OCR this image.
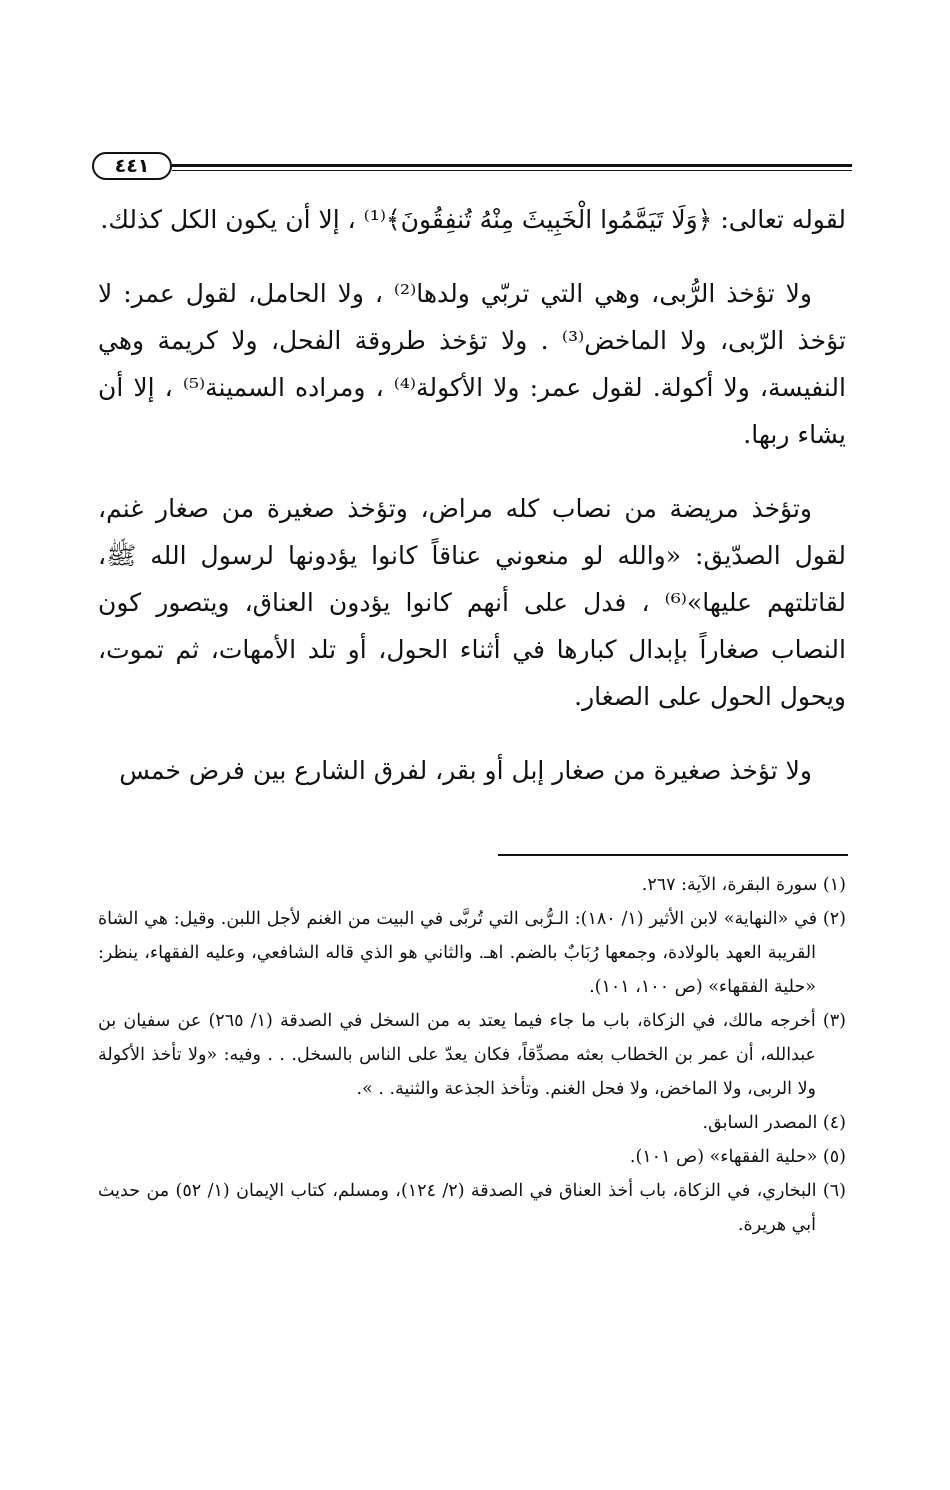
٤٤١

لقوله تعالى: ﴿وَلَا تَيَمَّمُوا الْخَبِيثَ مِنْهُ تُنفِقُونَ﴾⁽¹⁾ ، إلا أن يكون الكل كذلك.

ولا تؤخذ الرُّبى، وهي التي تربّي ولدها⁽²⁾ ، ولا الحامل، لقول عمر: لا تؤخذ الرّبى، ولا الماخض⁽³⁾ . ولا تؤخذ طروقة الفحل، ولا كريمة وهي النفيسة، ولا أكولة. لقول عمر: ولا الأكولة⁽⁴⁾ ، ومراده السمينة⁽⁵⁾ ، إلا أن يشاء ربها.

وتؤخذ مريضة من نصاب كله مراض، وتؤخذ صغيرة من صغار غنم، لقول الصدّيق: «والله لو منعوني عناقاً كانوا يؤدونها لرسول الله ﷺ، لقاتلتهم عليها»⁽⁶⁾ ، فدل على أنهم كانوا يؤدون العناق، ويتصور كون النصاب صغاراً بإبدال كبارها في أثناء الحول، أو تلد الأمهات، ثم تموت، ويحول الحول على الصغار.

ولا تؤخذ صغيرة من صغار إبل أو بقر، لفرق الشارع بين فرض خمس

(١) سورة البقرة، الآية: ٢٦٧.

(٢) في «النهاية» لابن الأثير (١/ ١٨٠): الـرُّبى التي تُربَّى في البيت من الغنم لأجل اللبن. وقيل: هي الشاة القريبة العهد بالولادة، وجمعها رُبَابٌ بالضم. اهـ. والثاني هو الذي قاله الشافعي، وعليه الفقهاء، ينظر: «حلية الفقهاء» (ص ١٠٠، ١٠١).

(٣) أخرجه مالك، في الزكاة، باب ما جاء فيما يعتد به من السخل في الصدقة (١/ ٢٦٥) عن سفيان بن عبدالله، أن عمر بن الخطاب بعثه مصدِّقاً، فكان يعدّ على الناس بالسخل. . . وفيه: «ولا تأخذ الأكولة ولا الربى، ولا الماخض، ولا فحل الغنم. وتأخذ الجذعة والثنية. . »⁠.

(٤) المصدر السابق.

(٥) «حلية الفقهاء» (ص ١٠١).

(٦) البخاري، في الزكاة، باب أخذ العناق في الصدقة (٢/ ١٢٤)، ومسلم، كتاب الإيمان (١/ ٥٢) من حديث أبي هريرة.
